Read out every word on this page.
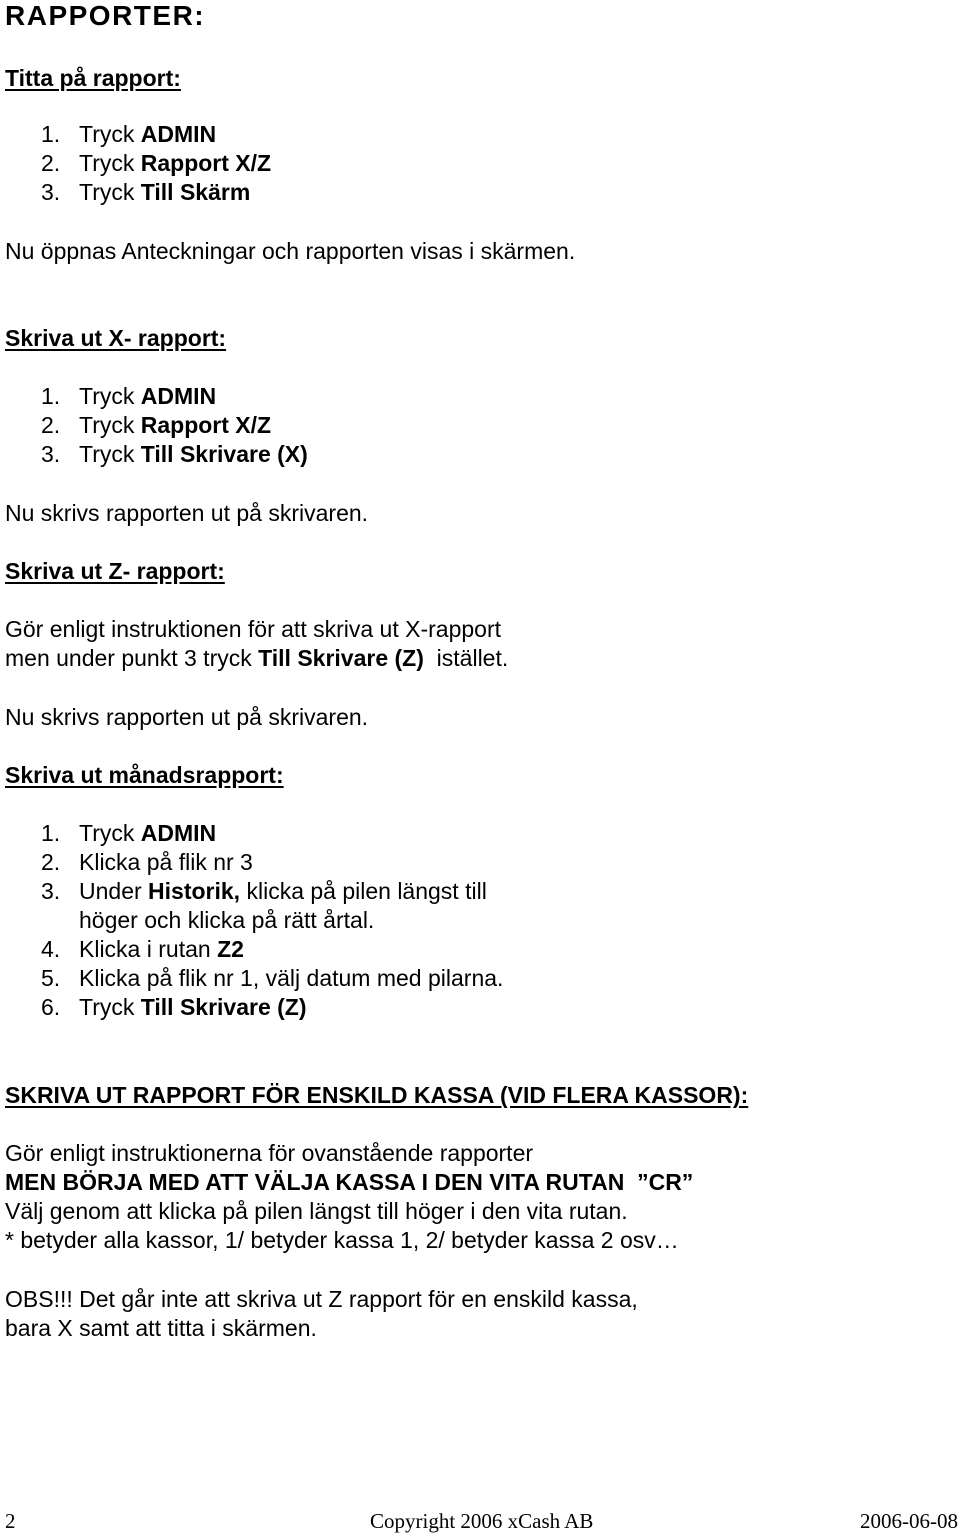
RAPPORTER:
Titta på rapport:
1. Tryck ADMIN
2. Tryck Rapport X/Z
3. Tryck Till Skärm
Nu öppnas Anteckningar och rapporten visas i skärmen.
Skriva ut X- rapport:
1. Tryck ADMIN
2. Tryck Rapport X/Z
3. Tryck Till Skrivare (X)
Nu skrivs rapporten ut på skrivaren.
Skriva ut Z- rapport:
Gör enligt instruktionen för att skriva ut X-rapport
men under punkt 3 tryck Till Skrivare (Z)  istället.
Nu skrivs rapporten ut på skrivaren.
Skriva ut månadsrapport:
1. Tryck ADMIN
2. Klicka på flik nr 3
3. Under Historik, klicka på pilen längst till
höger och klicka på rätt årtal.
4. Klicka i rutan Z2
5. Klicka på flik nr 1, välj datum med pilarna.
6. Tryck Till Skrivare (Z)
SKRIVA UT RAPPORT FÖR ENSKILD KASSA (VID FLERA KASSOR):
Gör enligt instruktionerna för ovanstående rapporter
MEN BÖRJA MED ATT VÄLJA KASSA I DEN VITA RUTAN  ”CR”
Välj genom att klicka på pilen längst till höger i den vita rutan.
* betyder alla kassor, 1/ betyder kassa 1, 2/ betyder kassa 2 osv…
OBS!!! Det går inte att skriva ut Z rapport för en enskild kassa,
bara X samt att titta i skärmen.
2	Copyright 2006 xCash AB	2006-06-08
